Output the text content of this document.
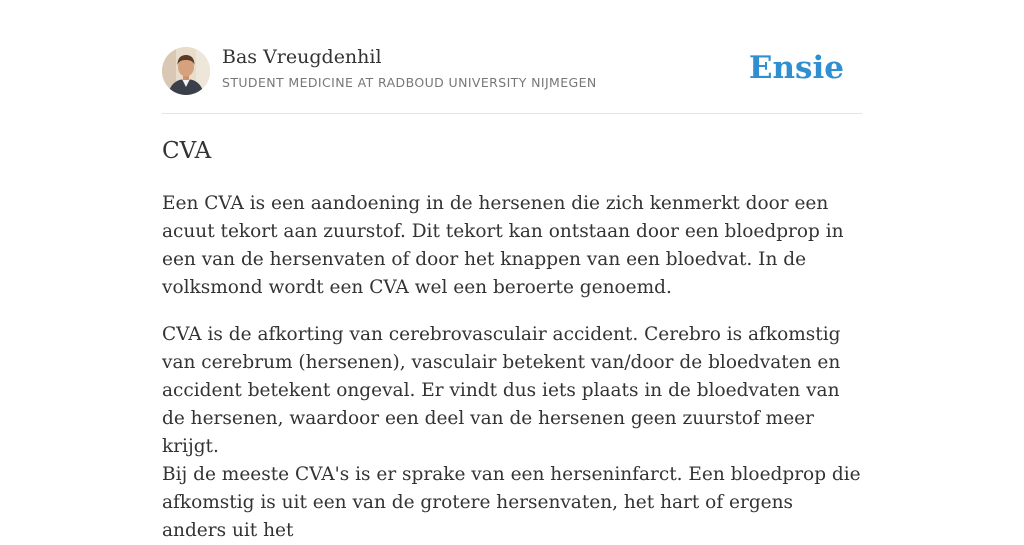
Bas Vreugdenhil
STUDENT MEDICINE AT RADBOUD UNIVERSITY NIJMEGEN	Ensie
CVA

Een CVA is een aandoening in de hersenen die zich kenmerkt door een acuut tekort aan zuurstof. Dit tekort kan ontstaan door een bloedprop in een van de hersenvaten of door het knappen van een bloedvat. In de volksmond wordt een CVA wel een beroerte genoemd.

CVA is de afkorting van cerebrovasculair accident. Cerebro is afkomstig van cerebrum (hersenen), vasculair betekent van/door de bloedvaten en accident betekent ongeval. Er vindt dus iets plaats in de bloedvaten van de hersenen, waardoor een deel van de hersenen geen zuurstof meer krijgt.

Bij de meeste CVA's is er sprake van een herseninfarct. Een bloedprop die afkomstig is uit een van de grotere hersenvaten, het hart of ergens anders uit het
